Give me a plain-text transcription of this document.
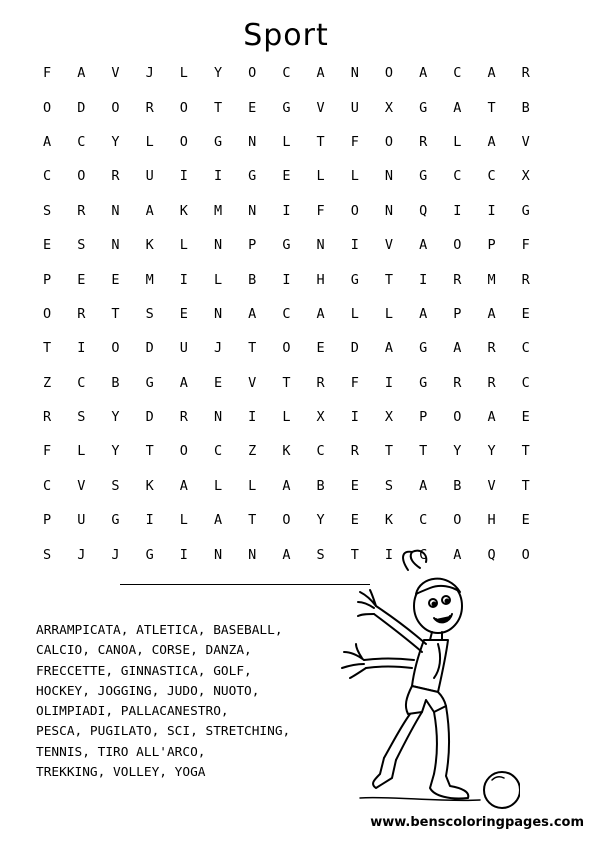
Sport
F	A	V	J	L	Y	O	C	A	N	O	A	C	A	R
O	D	O	R	O	T	E	G	V	U	X	G	A	T	B
A	C	Y	L	O	G	N	L	T	F	O	R	L	A	V
C	O	R	U	I	I	G	E	L	L	N	G	C	C	X
S	R	N	A	K	M	N	I	F	O	N	Q	I	I	G
E	S	N	K	L	N	P	G	N	I	V	A	O	P	F
P	E	E	M	I	L	B	I	H	G	T	I	R	M	R
O	R	T	S	E	N	A	C	A	L	L	A	P	A	E
T	I	O	D	U	J	T	O	E	D	A	G	A	R	C
Z	C	B	G	A	E	V	T	R	F	I	G	R	R	C
R	S	Y	D	R	N	I	L	X	I	X	P	O	A	E
F	L	Y	T	O	C	Z	K	C	R	T	T	Y	Y	T
C	V	S	K	A	L	L	A	B	E	S	A	B	V	T
P	U	G	I	L	A	T	O	Y	E	K	C	O	H	E
S	J	J	G	I	N	N	A	S	T	I	C	A	Q	O
ARRAMPICATA, ATLETICA, BASEBALL,
CALCIO, CANOA, CORSE, DANZA,
FRECCETTE, GINNASTICA, GOLF,
HOCKEY, JOGGING, JUDO, NUOTO,
OLIMPIADI, PALLACANESTRO,
PESCA, PUGILATO, SCI, STRETCHING,
TENNIS, TIRO ALL'ARCO,
TREKKING, VOLLEY, YOGA
www.benscoloringpages.com
